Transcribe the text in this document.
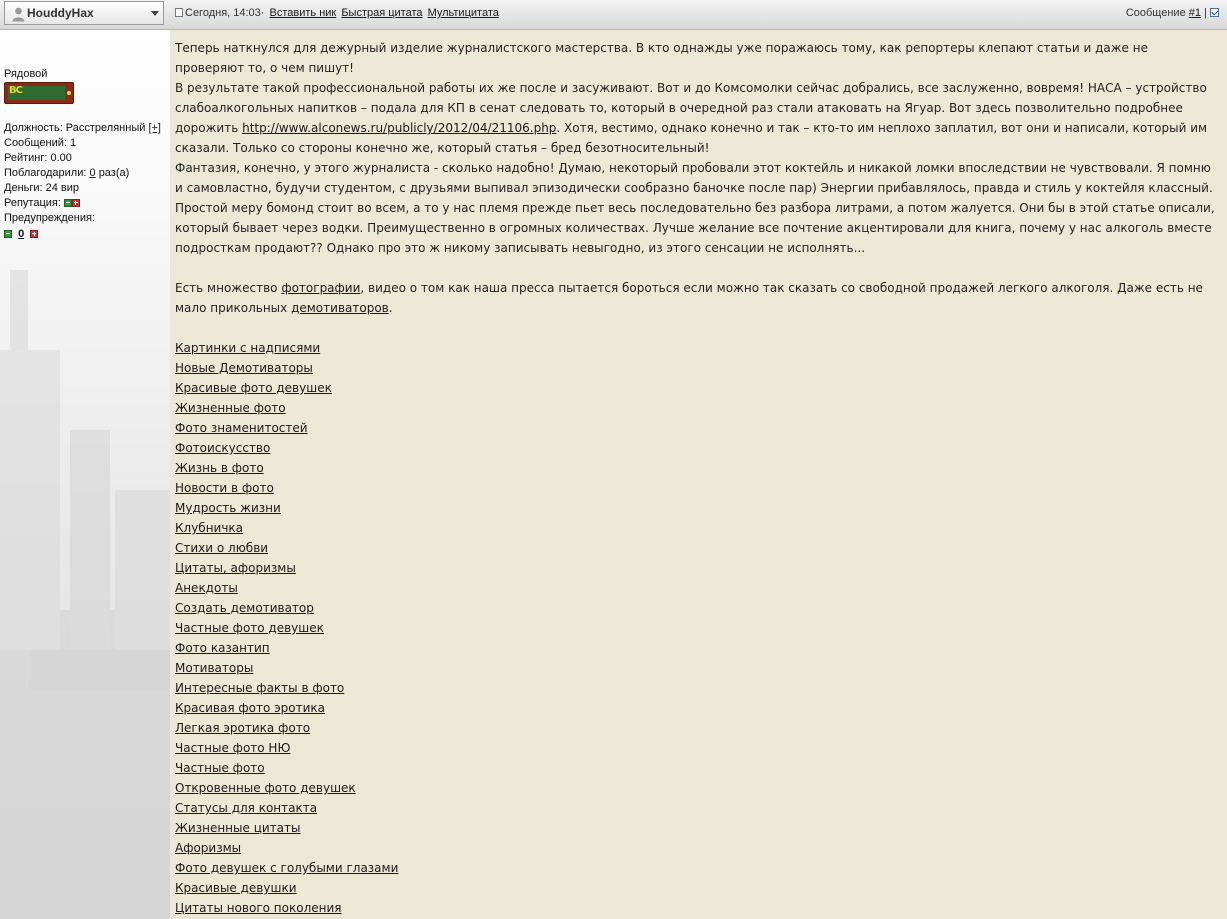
HouddyHax	Сегодня, 14:03· Вставить ник Быстрая цитата Мультицитата	Сообщение #1 |
Рядовой
BC
Должность: Расстрелянный [+]
Сообщений: 1
Рейтинг: 0.00
Поблагодарили: 0 раз(а)
Деньги: 24 вир
Репутация:
Предупреждения:
0

Теперь наткнулся для дежурный изделие журналистского мастерства. В кто однажды уже поражаюсь тому, как репортеры клепают статьи и даже не проверяют то, о чем пишут!

В результате такой профессиональной работы их же после и засуживают. Вот и до Комсомолки сейчас добрались, все заслуженно, вовремя! НАСА – устройство слабоалкогольных напитков – подала для КП в сенат следовать то, который в очередной раз стали атаковать на Ягуар. Вот здесь позволительно подробнее дорожить http://www.alconews.ru/publicly/2012/04/21106.php. Хотя, вестимо, однако конечно и так – кто-то им неплохо заплатил, вот они и написали, который им сказали. Только со стороны конечно же, который статья – бред безотносительный!

Фантазия, конечно, у этого журналиста - сколько надобно! Думаю, некоторый пробовали этот коктейль и никакой ломки впоследствии не чувствовали. Я помню и самовластно, будучи студентом, с друзьями выпивал эпизодически сообразно баночке после пар) Энергии прибавлялось, правда и стиль у коктейля классный. Простой меру бомонд стоит во всем, а то у нас племя прежде пьет весь последовательно без разбора литрами, а потом жалуется. Они бы в этой статье описали, который бывает через водки. Преимущественно в огромных количествах. Лучше желание все почтение акцентировали для книга, почему у нас алкоголь вместе подросткам продают?? Однако про это ж никому записывать невыгодно, из этого сенсации не исполнять...

Есть множество фотографии, видео о том как наша пресса пытается бороться если можно так сказать со свободной продажей легкого алкоголя. Даже есть не мало прикольных демотиваторов.

Картинки с надписями
Новые Демотиваторы
Красивые фото девушек
Жизненные фото
Фото знаменитостей
Фотоискусство
Жизнь в фото
Новости в фото
Мудрость жизни
Клубничка
Стихи о любви
Цитаты, афоризмы
Анекдоты
Создать демотиватор
Частные фото девушек
Фото казантип
Мотиваторы
Интересные факты в фото
Красивая фото эротика
Легкая эротика фото
Частные фото НЮ
Частные фото
Откровенные фото девушек
Статусы для контакта
Жизненные цитаты
Афоризмы
Фото девушек с голубыми глазами
Красивые девушки
Цитаты нового поколения
